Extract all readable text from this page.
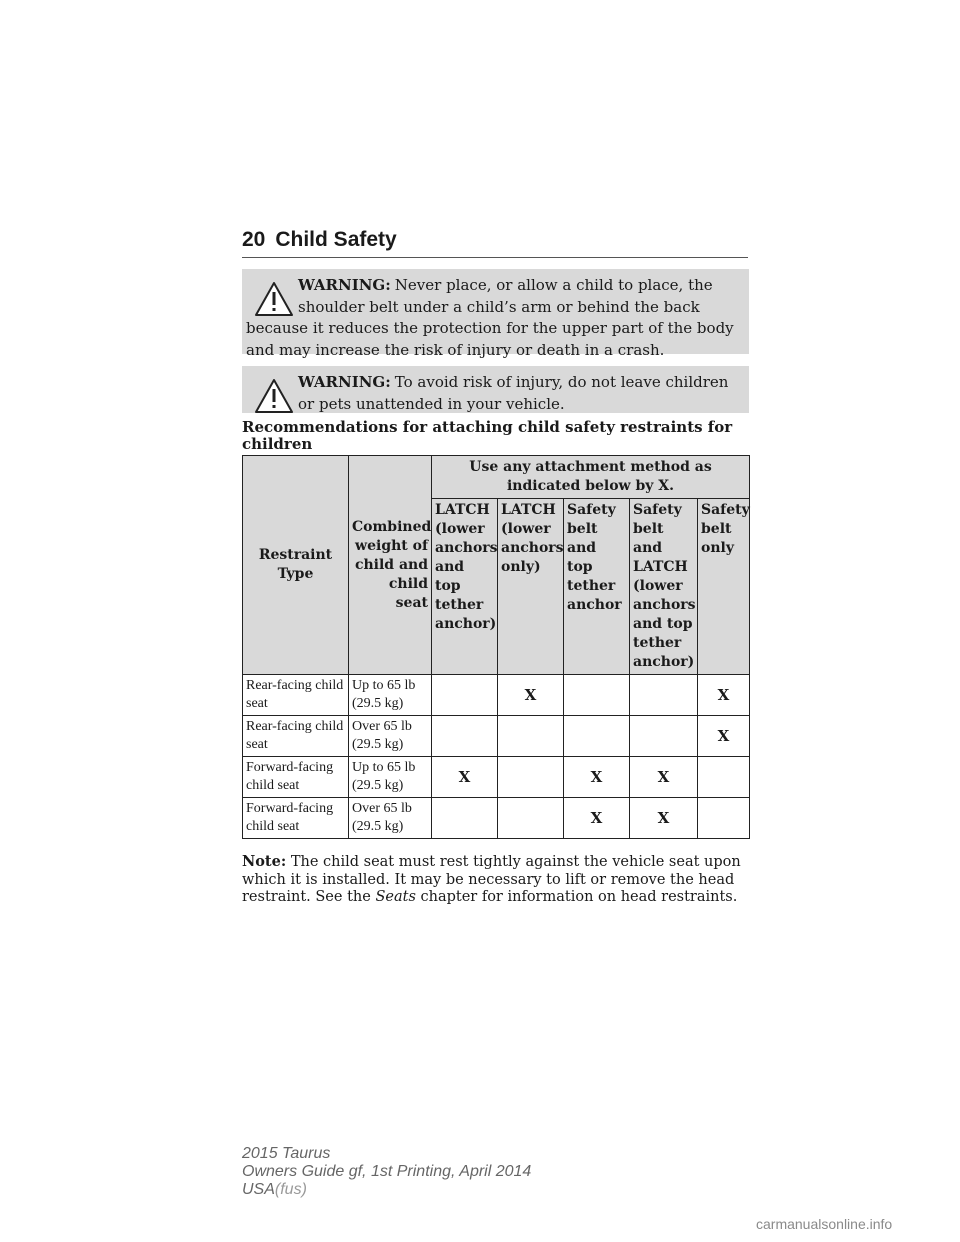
20 Child Safety
WARNING: Never place, or allow a child to place, the shoulder belt under a child’s arm or behind the back because it reduces the protection for the upper part of the body and may increase the risk of injury or death in a crash.
WARNING: To avoid risk of injury, do not leave children or pets unattended in your vehicle.
Recommendations for attaching child safety restraints for children
Restraint Type	Combined weight of child and child seat	Use any attachment method as indicated below by X.				
		LATCH (lower anchors and top tether anchor)	LATCH (lower anchors only)	Safety belt and top tether anchor	Safety belt and LATCH (lower anchors and top tether anchor)	Safety belt only
Rear-facing child seat	Up to 65 lb (29.5 kg)		X			X
Rear-facing child seat	Over 65 lb (29.5 kg)					X
Forward-facing child seat	Up to 65 lb (29.5 kg)	X		X	X	
Forward-facing child seat	Over 65 lb (29.5 kg)			X	X	
Note: The child seat must rest tightly against the vehicle seat upon which it is installed. It may be necessary to lift or remove the head restraint. See the Seats chapter for information on head restraints.
2015 Taurus
Owners Guide gf, 1st Printing, April 2014
USA(fus)
carmanualsonline.info
